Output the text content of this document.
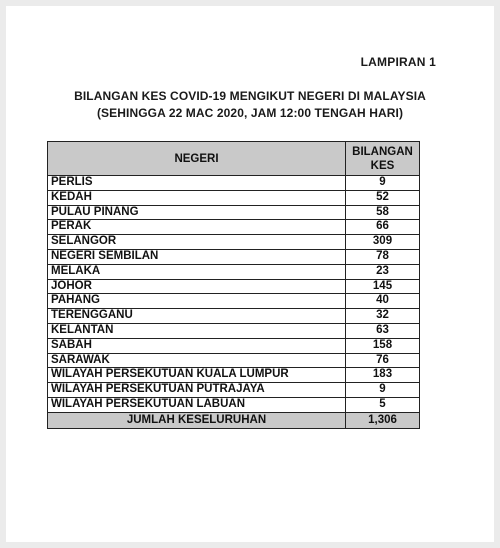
LAMPIRAN 1
BILANGAN KES COVID-19 MENGIKUT NEGERI DI MALAYSIA
(SEHINGGA 22 MAC 2020, JAM 12:00 TENGAH HARI)
NEGERI	BILANGAN
KES
PERLIS	9
KEDAH	52
PULAU PINANG	58
PERAK	66
SELANGOR	309
NEGERI SEMBILAN	78
MELAKA	23
JOHOR	145
PAHANG	40
TERENGGANU	32
KELANTAN	63
SABAH	158
SARAWAK	76
WILAYAH PERSEKUTUAN KUALA LUMPUR	183
WILAYAH PERSEKUTUAN PUTRAJAYA	9
WILAYAH PERSEKUTUAN LABUAN	5
JUMLAH KESELURUHAN	1,306
